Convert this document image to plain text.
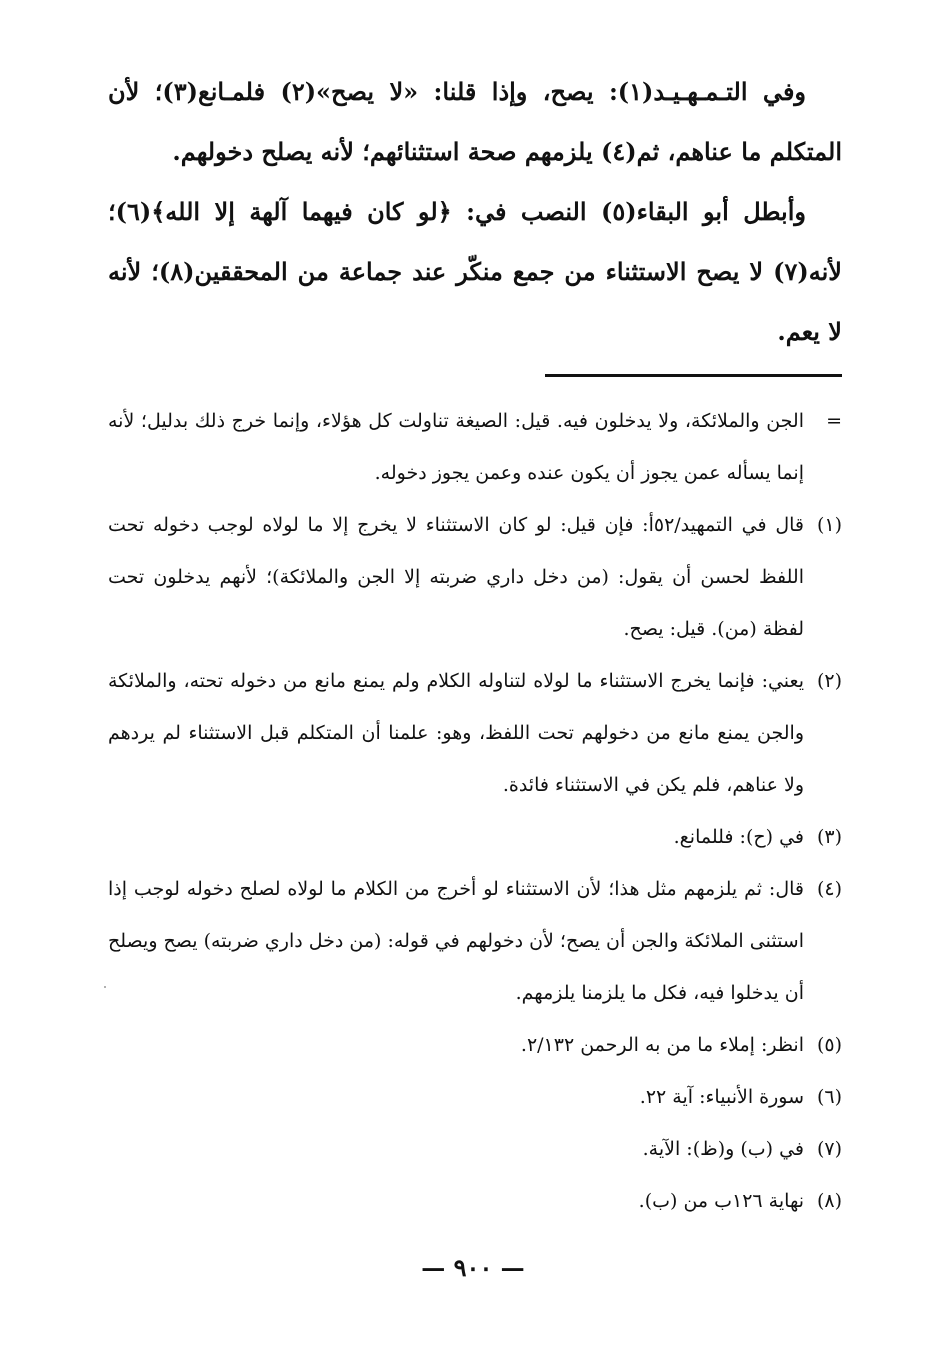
وفي التـمـهـيـد(١): يصح، وإذا قلنا: «لا يصح»(٢) فلمـانع(٣)؛ لأن المتكلم ما عناهم، ثم(٤) يلزمهم صحة استثنائهم؛ لأنه يصلح دخولهم.

وأبطل أبو البقاء(٥) النصب في: ﴿لو كان فيهما آلهة إلا الله﴾(٦)؛ لأنه(٧) لا يصح الاستثناء من جمع منكّر عند جماعة من المحققين(٨)؛ لأنه لا يعم.

=
الجن والملائكة، ولا يدخلون فيه. قيل: الصيغة تناولت كل هؤلاء، وإنما خرج ذلك بدليل؛ لأنه إنما يسأله عمن يجوز أن يكون عنده وعمن يجوز دخوله.

(١)
قال في التمهيد/٥٢أ: فإن قيل: لو كان الاستثناء لا يخرج إلا ما لولاه لوجب دخوله تحت اللفظ لحسن أن يقول: (من دخل داري ضربته إلا الجن والملائكة)؛ لأنهم يدخلون تحت لفظة (من). قيل: يصح.

(٢)
يعني: فإنما يخرج الاستثناء ما لولاه لتناوله الكلام ولم يمنع مانع من دخوله تحته، والملائكة والجن يمنع مانع من دخولهم تحت اللفظ، وهو: علمنا أن المتكلم قبل الاستثناء لم يردهم ولا عناهم، فلم يكن في الاستثناء فائدة.

(٣)
في (ح): فللمانع.

(٤)
قال: ثم يلزمهم مثل هذا؛ لأن الاستثناء لو أخرج من الكلام ما لولاه لصلح دخوله لوجب إذا استثنى الملائكة والجن أن يصح؛ لأن دخولهم في قوله: (من دخل داري ضربته) يصح ويصلح أن يدخلوا فيه، فكل ما يلزمنا يلزمهم.

(٥)
انظر: إملاء ما من به الرحمن ٢/١٣٢.

(٦)
سورة الأنبياء: آية ٢٢.

(٧)
في (ب) و(ظ): الآية.

(٨)
نهاية ١٢٦ب من (ب).

— ٩٠٠ —
